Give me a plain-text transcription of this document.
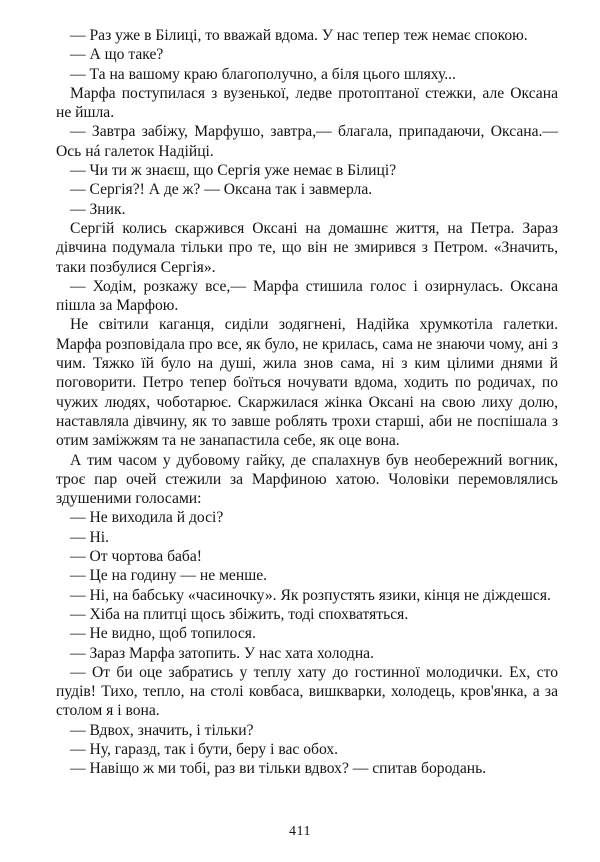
— Раз уже в Білиці, то вважай вдома. У нас тепер теж немає спокою.

— А що таке?

— Та на вашому краю благополучно, а біля цього шляху...

Марфа поступилася з вузенької, ледве протоптаної стежки, але Оксана не йшла.

— Завтра забіжу, Марфушо, завтра,— благала, припадаючи, Оксана.— Ось нá галеток Надійці.

— Чи ти ж знаєш, що Сергія уже немає в Білиці?

— Сергія?! А де ж? — Оксана так і завмерла.

— Зник.

Сергій колись скаржився Оксані на домашнє життя, на Петра. Зараз дівчина подумала тільки про те, що він не змирився з Петром. «Значить, таки позбулися Сергія».

— Ходім, розкажу все,— Марфа стишила голос і озирнулась. Оксана пішла за Марфою.

Не світили каганця, сиділи зодягнені, Надійка хрумкотіла галетки. Марфа розповідала про все, як було, не крилась, сама не знаючи чому, ані з чим. Тяжко їй було на душі, жила знов сама, ні з ким цілими днями й поговорити. Петро тепер боїться ночувати вдома, ходить по родичах, по чужих людях, чоботарює. Скаржилася жінка Оксані на свою лиху долю, наставляла дівчину, як то завше роблять трохи старші, аби не поспішала з отим заміжжям та не занапастила себе, як оце вона.

А тим часом у дубовому гайку, де спалахнув був необережний вогник, троє пар очей стежили за Марфиною хатою. Чоловіки перемовлялись здушеними голосами:

— Не виходила й досі?

— Ні.

— От чортова баба!

— Це на годину — не менше.

— Ні, на бабську «часиночку». Як розпустять язики, кінця не діждешся.

— Хіба на плитці щось збіжить, тоді спохватяться.

— Не видно, щоб топилося.

— Зараз Марфа затопить. У нас хата холодна.

— От би оце забратись у теплу хату до гостинної молодички. Ех, сто пудів! Тихо, тепло, на столі ковбаса, вишкварки, холодець, кров'янка, а за столом я і вона.

— Вдвох, значить, і тільки?

— Ну, гаразд, так і бути, беру і вас обох.

— Навіщо ж ми тобі, раз ви тільки вдвох? — спитав бородань.

411
